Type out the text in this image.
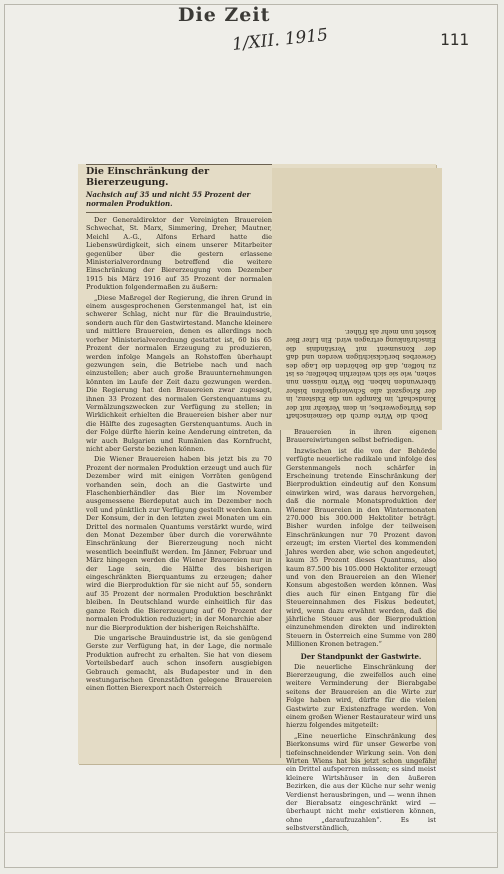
Die Zeit
1/XII. 1915	111

Doch die Wirte durch die Gemeinschaft des Wirtegewerbes, in dem Verkehr mit der Kundschaft, im Kampfe um die Existenz, in der Kriegszeit alle Schwierigkeiten bisher überwunden haben. Die Wirte müssen nun sehen, wie sie sich weiterhin behelfen; es ist zu hoffen, daß die Behörden die Lage des Gewerbes berücksichtigen werden und daß der Konsument mit Verständnis die Einschränkung ertragen wird. Ein Liter Bier kostet nun mehr als früher.

Die Einschränkung der Biererzeugung.
Nachsich auf 35 und nicht 55 Prozent der normalen Produktion.

Der Generaldirektor der Vereinigten Brauereien Schwechat, St. Marx, Simmering, Dreher, Mautner, Meichl A.-G., Alfons Erhard hatte die Liebenswürdigkeit, sich einem unserer Mitarbeiter gegenüber über die gestern erlassene Ministerialverordnung betreffend die weitere Einschränkung der Biererzeugung vom Dezember 1915 bis März 1916 auf 35 Prozent der normalen Produktion folgendermaßen zu äußern:

„Diese Maßregel der Regierung, die ihren Grund in einem ausgesprochenen Gerstenmangel hat, ist ein schwerer Schlag, nicht nur für die Brauindustrie, sondern auch für den Gastwirtestand. Manche kleinere und mittlere Brauereien, denen es allerdings noch vorher Ministerialverordnung gestattet ist, 60 bis 65 Prozent der normalen Erzeugung zu produzieren, werden infolge Mangels an Rohstoffen überhaupt gezwungen sein, die Betriebe nach und nach einzustellen; aber auch große Brauunternehmungen könnten im Laufe der Zeit dazu gezwungen werden. Die Regierung hat den Brauereien zwar zugesagt, ihnen 33 Prozent des normalen Gerstenquantums zu Vermälzungszwecken zur Verfügung zu stellen; in Wirklichkeit erhielten die Brauereien bisher aber nur die Hälfte des zugesagten Gerstenquantums. Auch in der Folge dürfte hierin keine Aenderung eintreten, da wir auch Bulgarien und Rumänien das Kornfrucht, nicht aber Gerste beziehen können.

Die Wiener Brauereien haben bis jetzt bis zu 70 Prozent der normalen Produktion erzeugt und auch für Dezember wird mit einigen Vorräten genügend vorhanden sein, doch an die Gastwirte und Flaschenbierhändler das Bier im November ausgemessene Bierdeputat auch im Dezember noch voll und pünktlich zur Verfügung gestellt werden kann. Der Konsum, der in den letzten zwei Monaten um ein Drittel des normalen Quantums verstärkt wurde, wird den Monat Dezember über durch die vorerwähnte Einschränkung der Biererzeugung noch nicht wesentlich beeinflußt werden. Im Jänner, Februar und März hingegen werden die Wiener Brauereien nur in der Lage sein, die Hälfte des bisherigen eingeschränkten Bierquantums zu erzeugen; daher wird die Bierproduktion für sie nicht auf 55, sondern auf 35 Prozent der normalen Produktion beschränkt bleiben. In Deutschland wurde einheitlich für das ganze Reich die Biererzeugung auf 60 Prozent der normalen Produktion reduziert; in der Monarchie aber nur die Bierproduktion der bisherigen Reichshälfte.

Die ungarische Brauindustrie ist, da sie genügend Gerste zur Verfügung hat, in der Lage, die normale Produktion aufrecht zu erhalten. Sie hat von diesem Vorteilsbedarf auch schon insofern ausgiebigen Gebrauch gemacht, als Budapester und in den westungarischen Grenzstädten gelegene Brauereien einen flotten Bierexport nach Österreich

Brauereien in ihren eigenen Brauereiwirtungen selbst befriedigen.

Inzwischen ist die von der Behörde verfügte neuerliche radikale und infolge des Gerstenmangels noch schärfer in Erscheinung tretende Einschränkung der Bierproduktion eindeutig auf den Konsum einwirken wird, was daraus hervorgehen, daß die normale Monatsproduktion der Wiener Brauereien in den Wintermonaten 270.000 bis 300.000 Hektoliter beträgt. Bisher wurden infolge der teilweisen Einschränkungen nur 70 Prozent davon erzeugt; im ersten Viertel des kommenden Jahres werden aber, wie schon angedeutet, kaum 35 Prozent dieses Quantums, also kaum 87.500 bis 105.000 Hektoliter erzeugt und von den Brauereien an den Wiener Konsum abgestoßen werden können. Was dies auch für einen Entgang für die Steuereinnahmen des Fiskus bedeutet, wird, wenn dazu erwähnt werden, daß die jährliche Steuer aus der Bierproduktion einzunehmenden direkten und indirekten Steuern in Österreich eine Summe von 280 Millionen Kronen betragen.“

Der Standpunkt der Gastwirte.

Die neuerliche Einschränkung der Biererzeugung, die zweifellos auch eine weitere Verminderung der Bierabgabe seitens der Brauereien an die Wirte zur Folge haben wird, dürfte für die vielen Gastwirte zur Existenzfrage werden. Von einem großen Wiener Restaurateur wird uns hierzu folgendes mitgeteilt:

„Eine neuerliche Einschränkung des Bierkonsums wird für unser Gewerbe von tiefeinschneidender Wirkung sein. Von den Wirten Wiens hat bis jetzt schon ungefähr ein Drittel aufsperren müssen; es sind meist kleinere Wirtshäuser in den äußeren Bezirken, die aus der Küche nur sehr wenig Verdienst herausbringen, und — wenn ihnen der Bierabsatz eingeschränkt wird — überhaupt nicht mehr existieren können, ohne „daraufzuzahlen“. Es ist selbstverständlich,
